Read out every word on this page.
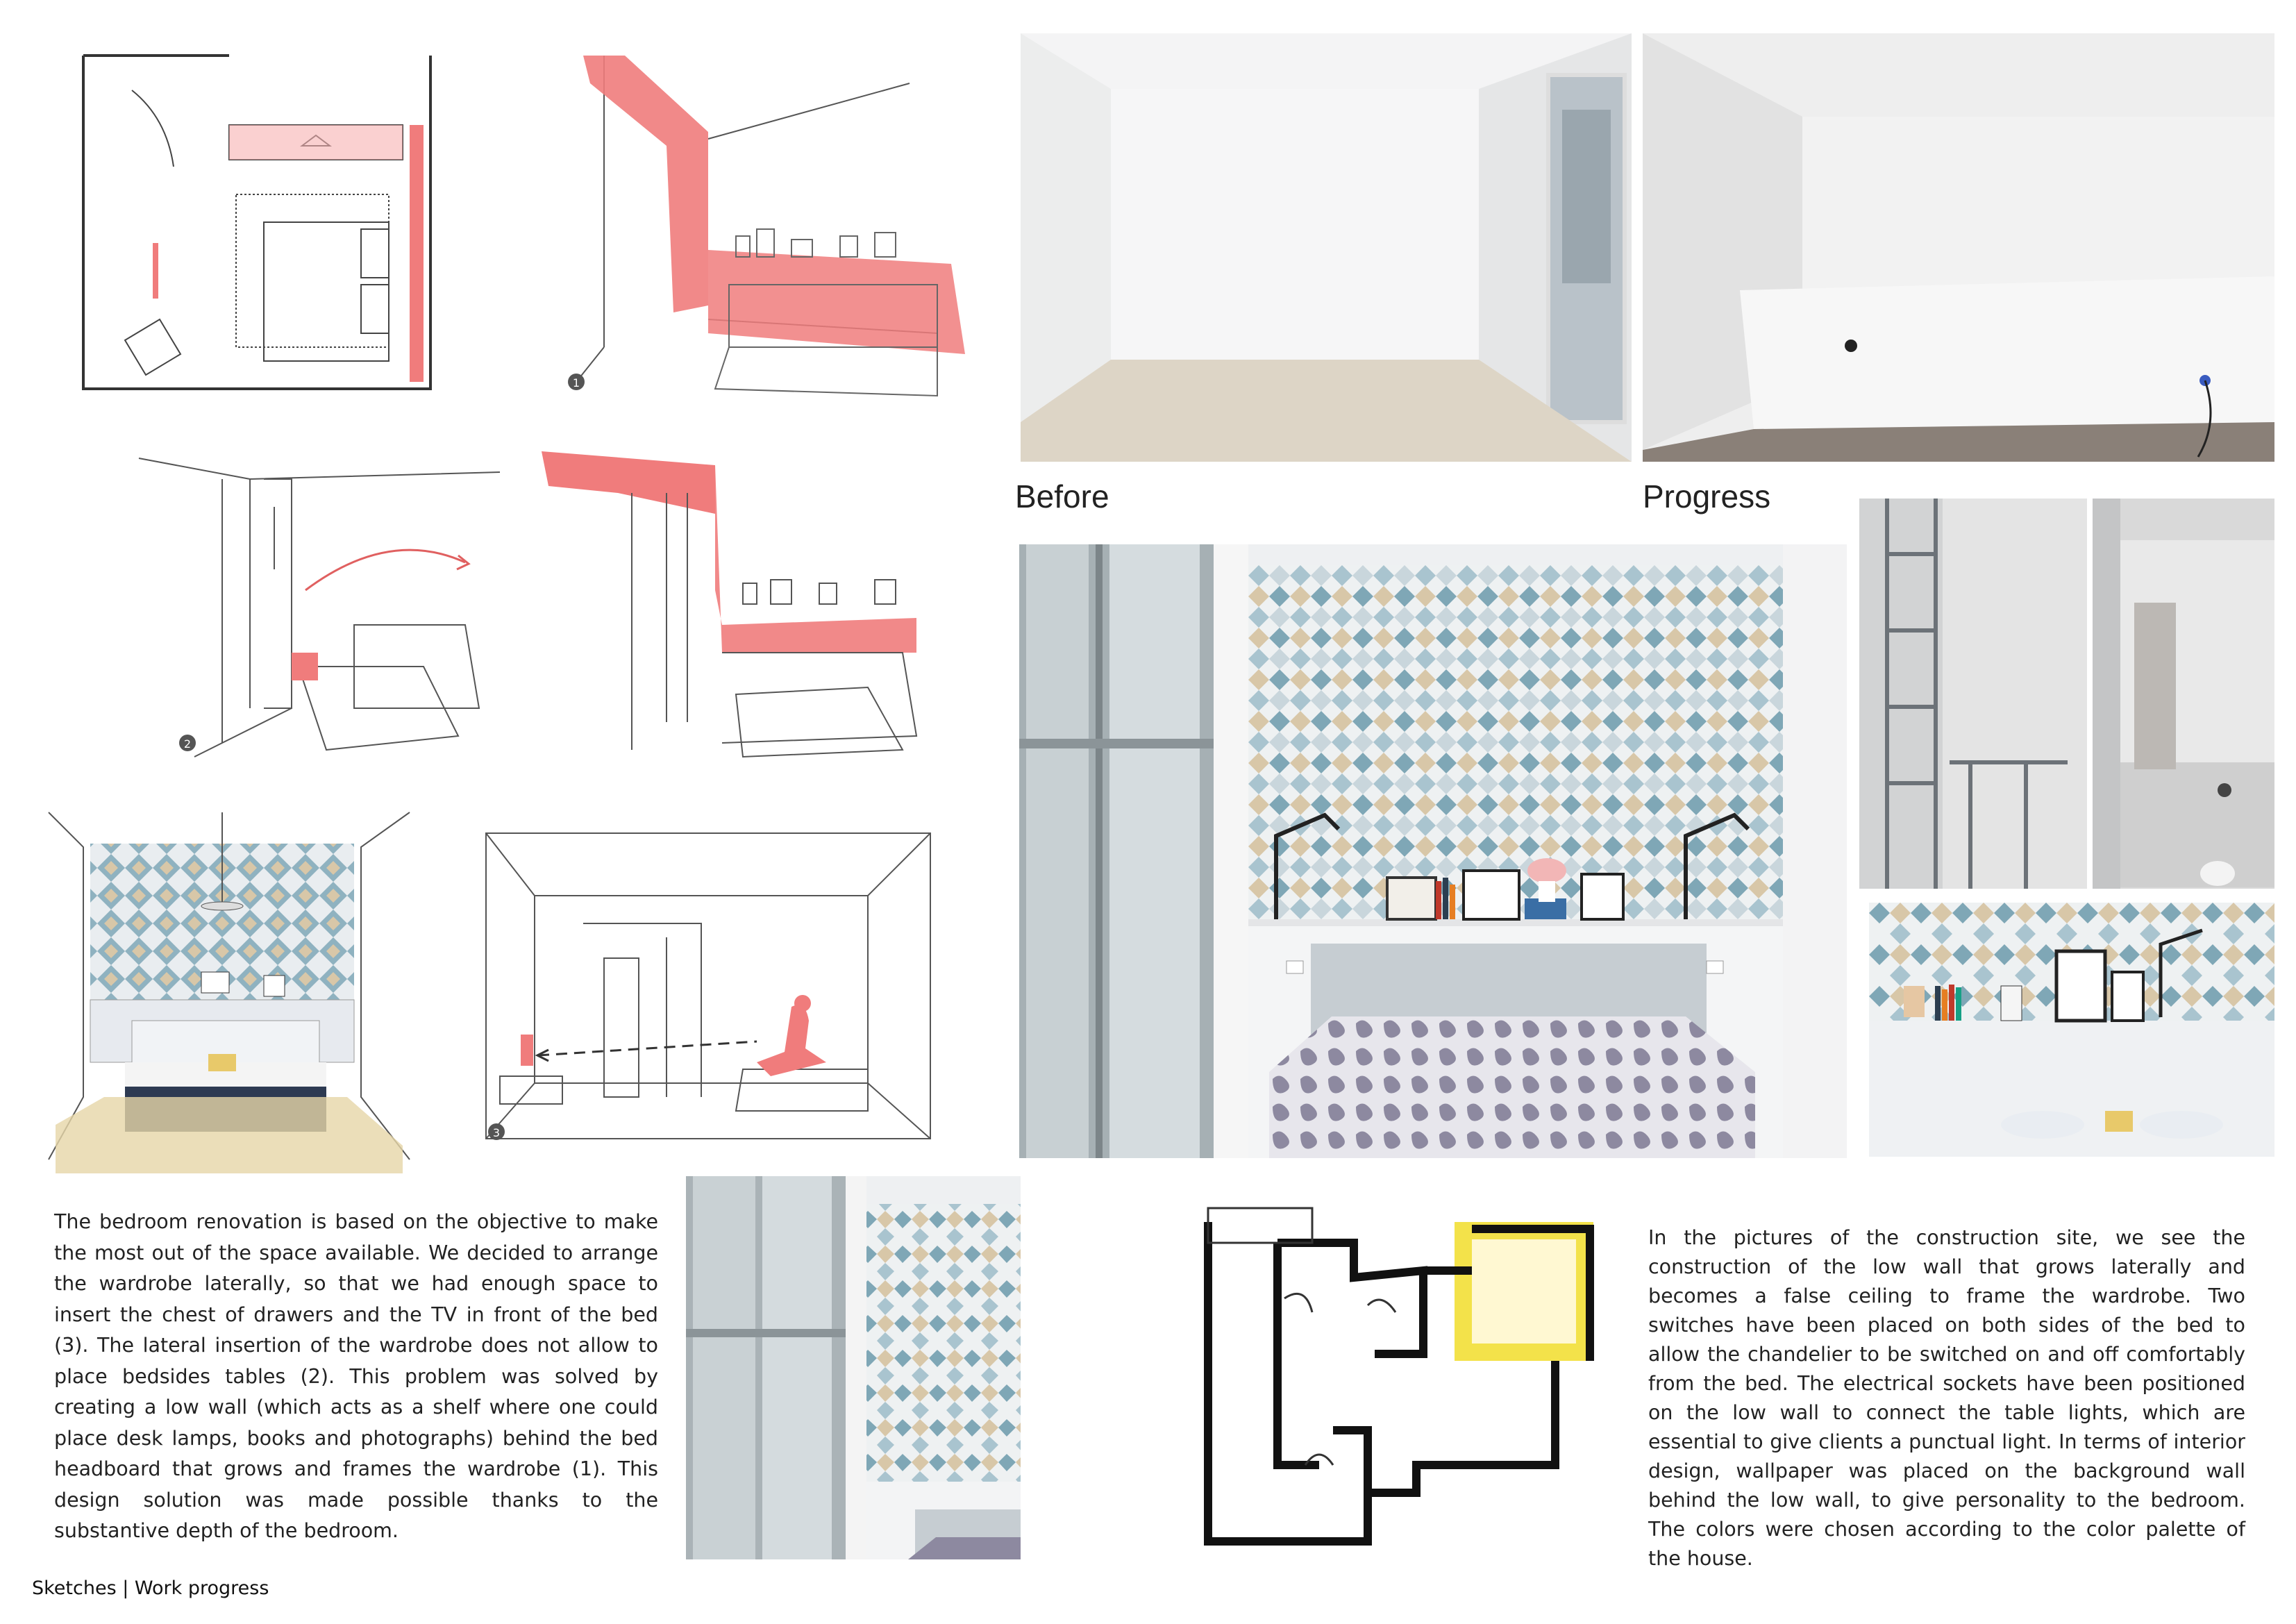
1
2
3
Before	Progress

The bedroom renovation is based on the objective to make the most out of the space available. We decided to arrange the wardrobe laterally, so that we had enough space to insert the chest of drawers and the TV in front of the bed (3). The lateral insertion of the wardrobe does not allow to place bedsides tables (2). This problem was solved by creating a low wall (which acts as a shelf where one could place desk lamps, books and photographs) behind the bed headboard that grows and frames the wardrobe (1). This design solution was made possible thanks to the substantive depth of the bedroom.

In the pictures of the construction site, we see the construction of the low wall that grows laterally and becomes a false ceiling to frame the wardrobe. Two switches have been placed on both sides of the bed to allow the chandelier to be switched on and off comfortably from the bed. The electrical sockets have been positioned on the low wall to connect the table lights, which are essential to give clients a punctual light. In terms of interior design, wallpaper was placed on the background wall behind the low wall, to give personality to the bedroom. The colors were chosen according to the color palette of the house.

Sketches | Work progress
